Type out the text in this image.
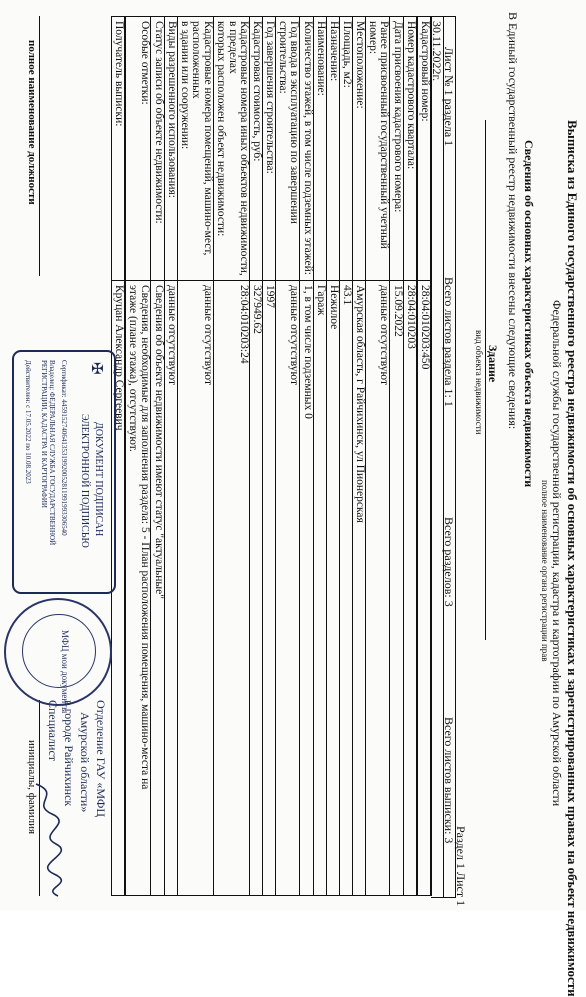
Выписка из Единого государственного реестра недвижимости об основных характеристиках и зарегистрированных правах на объект недвижимости
Федеральной службы государственной регистрации, кадастра и картографии по Амурской области
полное наименование органа регистрации прав
Сведения об основных характеристиках объекта недвижимости
В Единый государственный реестр недвижимости внесены следующие сведения:
Здание
вид объекта недвижимости
Раздел 1 Лист 1
Лист № 1 раздела 1
Всего листов раздела 1: 1
Всего разделов: 3
Всего листов выписки: 3
30.11.2022г.
Кадастровый номер:	28:04:010203:450
Номер кадастрового квартала:	28:04:010203
Дата присвоения кадастрового номера:	15.09.2022
Ранее присвоенный государственный учетный номер:	данные отсутствуют
Местоположение:	Амурская область, г Райчихинск, ул Пионерская
Площадь, м2:	43.1
Назначение:	Нежилое
Наименование:	Гараж
Количество этажей, в том числе подземных этажей:	1, в том числе подземных 0
Год ввода в эксплуатацию по завершении строительства:	данные отсутствуют
Год завершения строительства:	1997
Кадастровая стоимость, руб:	327949.62
Кадастровые номера иных объектов недвижимости, в пределах	28:04:010203:24
которых расположен объект недвижимости:	
Кадастровые номера помещений, машино-мест, расположенных	данные отсутствуют
в здании или сооружении:	
Виды разрешенного использования:	данные отсутствуют
Статус записи об объекте недвижимости:	Сведения об объекте недвижимости имеют статус "актуальные"
Особые отметки:	Сведения, необходимые для заполнения раздела: 5 - План расположения помещения, машино-места на
	этаже (плане этажа), отсутствуют.
Получатель выписки:	Круцан Александр Сергеевич
полное наименование должности
инициалы, фамилия
✠
ДОКУМЕНТ ПОДПИСАН
ЭЛЕКТРОННОЙ ПОДПИСЬЮ
Сертификат: 445915274064135319920052811991993306540
Владелец: ФЕДЕРАЛЬНАЯ СЛУЖБА ГОСУДАРСТВЕННОЙ РЕГИСТРАЦИИ, КАДАСТРА И КАРТОГРАФИИ
Действителен: с 17.05.2022 по 10.08.2023
МФЦ мои документы
Отделение ГАУ «МФЦ
Амурской области»
в городе Райчихинск
Специалист
